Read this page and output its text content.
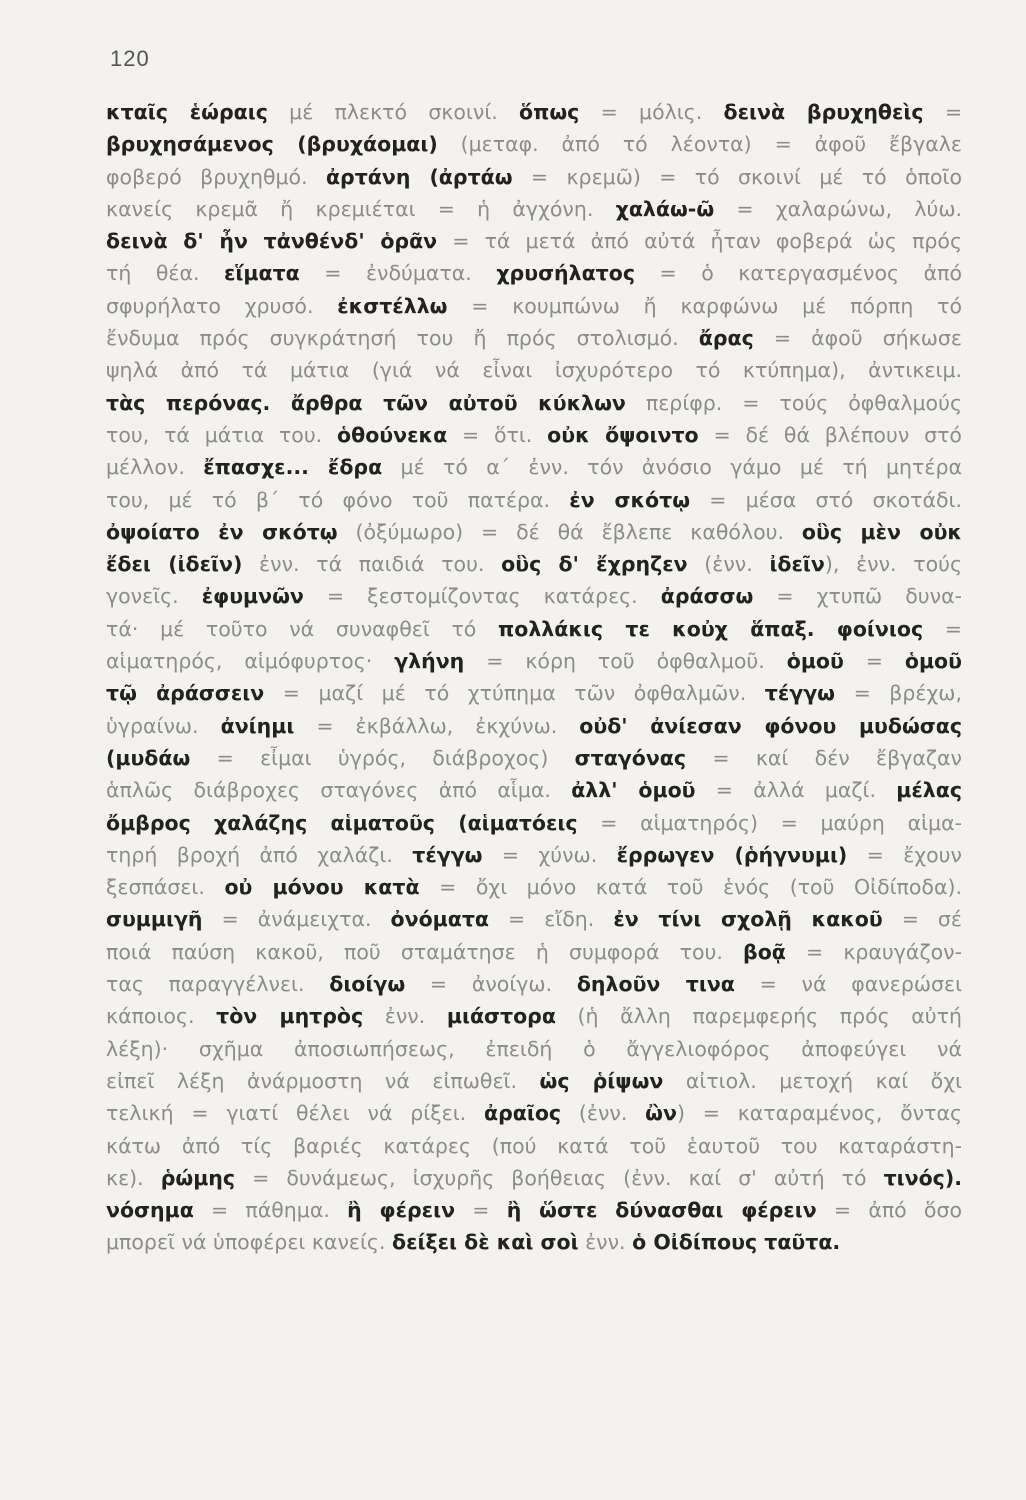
120
κταῖς ἑώραις μέ πλεκτό σκοινί. ὅπως = μόλις. δεινὰ βρυχηθεὶς =
βρυχησάμενος (βρυχάομαι) (μεταφ. ἀπό τό λέοντα) = ἀφοῦ ἔβγαλε
φοβερό βρυχηθμό. ἀρτάνη (ἀρτάω = κρεμῶ) = τό σκοινί μέ τό ὁποῖο
κανείς κρεμᾶ ἤ κρεμιέται = ἡ ἀγχόνη. χαλάω-ῶ = χαλαρώνω, λύω.
δεινὰ δ' ἦν τἀνθένδ' ὁρᾶν = τά μετά ἀπό αὐτά ἦταν φοβερά ὡς πρός
τή θέα. εἵματα = ἐνδύματα. χρυσήλατος = ὁ κατεργασμένος ἀπό
σφυρήλατο χρυσό. ἐκστέλλω = κουμπώνω ἤ καρφώνω μέ πόρπη τό
ἔνδυμα πρός συγκράτησή του ἤ πρός στολισμό. ἄρας = ἀφοῦ σήκωσε
ψηλά ἀπό τά μάτια (γιά νά εἶναι ἰσχυρότερο τό κτύπημα), ἀντικειμ.
τὰς περόνας. ἄρθρα τῶν αὐτοῦ κύκλων περίφρ. = τούς ὀφθαλμούς
του, τά μάτια του. ὁθούνεκα = ὅτι. οὐκ ὄψοιντο = δέ θά βλέπουν στό
μέλλον. ἔπασχε... ἔδρα μέ τό α΄ ἐνν. τόν ἀνόσιο γάμο μέ τή μητέρα
του, μέ τό β΄ τό φόνο τοῦ πατέρα. ἐν σκότῳ = μέσα στό σκοτάδι.
ὀψοίατο ἐν σκότῳ (ὀξύμωρο) = δέ θά ἔβλεπε καθόλου. οὓς μὲν οὐκ
ἔδει (ἰδεῖν) ἐνν. τά παιδιά του. οὓς δ' ἔχρηζεν (ἐνν. ἰδεῖν), ἐνν. τούς
γονεῖς. ἐφυμνῶν = ξεστομίζοντας κατάρες. ἀράσσω = χτυπῶ δυνα-
τά· μέ τοῦτο νά συναφθεῖ τό πολλάκις τε κοὐχ ἅπαξ. φοίνιος =
αἱματηρός, αἱμόφυρτος· γλήνη = κόρη τοῦ ὀφθαλμοῦ. ὁμοῦ = ὁμοῦ
τῷ ἀράσσειν = μαζί μέ τό χτύπημα τῶν ὀφθαλμῶν. τέγγω = βρέχω,
ὑγραίνω. ἀνίημι = ἐκβάλλω, ἐκχύνω. οὐδ' ἀνίεσαν φόνου μυδώσας
(μυδάω = εἶμαι ὑγρός, διάβροχος) σταγόνας = καί δέν ἔβγαζαν
ἁπλῶς διάβροχες σταγόνες ἀπό αἷμα. ἀλλ' ὁμοῦ = ἀλλά μαζί. μέλας
ὄμβρος χαλάζης αἱματοῦς (αἱματόεις = αἱματηρός) = μαύρη αἱμα-
τηρή βροχή ἀπό χαλάζι. τέγγω = χύνω. ἔρρωγεν (ῥήγνυμι) = ἔχουν
ξεσπάσει. οὐ μόνου κατὰ = ὄχι μόνο κατά τοῦ ἑνός (τοῦ Οἰδίποδα).
συμμιγῆ = ἀνάμειχτα. ὀνόματα = εἴδη. ἐν τίνι σχολῇ κακοῦ = σέ
ποιά παύση κακοῦ, ποῦ σταμάτησε ἡ συμφορά του. βοᾷ = κραυγάζον-
τας παραγγέλνει. διοίγω = ἀνοίγω. δηλοῦν τινα = νά φανερώσει
κάποιος. τὸν μητρὸς ἐνν. μιάστορα (ἡ ἄλλη παρεμφερής πρός αὐτή
λέξη)· σχῆμα ἀποσιωπήσεως, ἐπειδή ὁ ἄγγελιοφόρος ἀποφεύγει νά
εἰπεῖ λέξη ἀνάρμοστη νά εἰπωθεῖ. ὡς ῥίψων αἰτιολ. μετοχή καί ὄχι
τελική = γιατί θέλει νά ρίξει. ἀραῖος (ἐνν. ὢν) = καταραμένος, ὄντας
κάτω ἀπό τίς βαριές κατάρες (πού κατά τοῦ ἑαυτοῦ του καταράστη-
κε). ῥώμης = δυνάμεως, ἰσχυρῆς βοήθειας (ἐνν. καί σ' αὐτή τό τινός).
νόσημα = πάθημα. ἢ φέρειν = ἢ ὥστε δύνασθαι φέρειν = ἀπό ὅσο
μπορεῖ νά ὑποφέρει κανείς. δείξει δὲ καὶ σοὶ ἐνν. ὁ Οἰδίπους ταῦτα.
